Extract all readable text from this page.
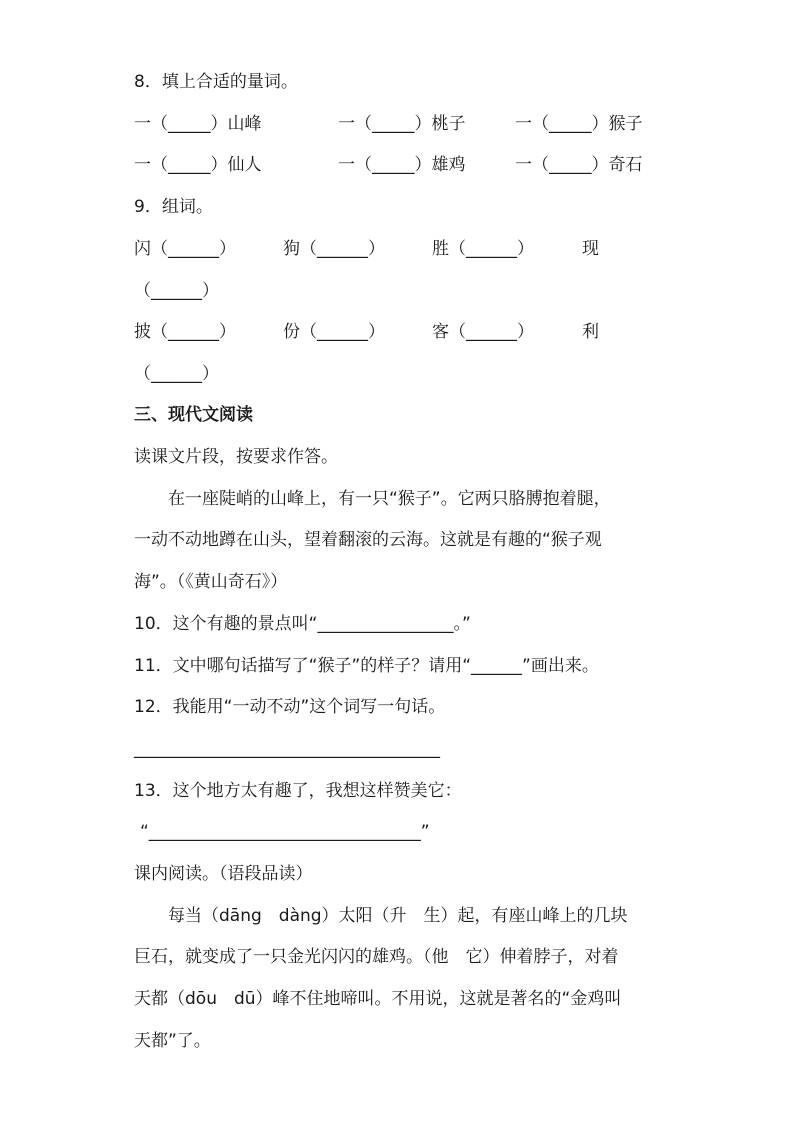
8．填上合适的量词。
一（_____）山峰	一（_____）桃子	一（_____）猴子
一（_____）仙人	一（_____）雄鸡	一（_____）奇石
9．组词。
闪（______）	狗（______）	胜（______）	现
（______）
披（______）	份（______）	客（______）	利
（______）
三、现代文阅读
读课文片段，按要求作答。
　　在一座陡峭的山峰上，有一只“猴子”。它两只胳膊抱着腿，
一动不动地蹲在山头，望着翻滚的云海。这就是有趣的“猴子观
海”。（《黄山奇石》）
10．这个有趣的景点叫“________________。”
11．文中哪句话描写了“猴子”的样子？请用“______”画出来。
12．我能用“一动不动”这个词写一句话。
____________________________________
13．这个地方太有趣了，我想这样赞美它：
“________________________________”
课内阅读。（语段品读）
　　每当（dāng　dàng）太阳（升　生）起，有座山峰上的几块
巨石，就变成了一只金光闪闪的雄鸡。（他　它）伸着脖子，对着
天都（dōu　dū）峰不住地啼叫。不用说，这就是著名的“金鸡叫
天都”了。
